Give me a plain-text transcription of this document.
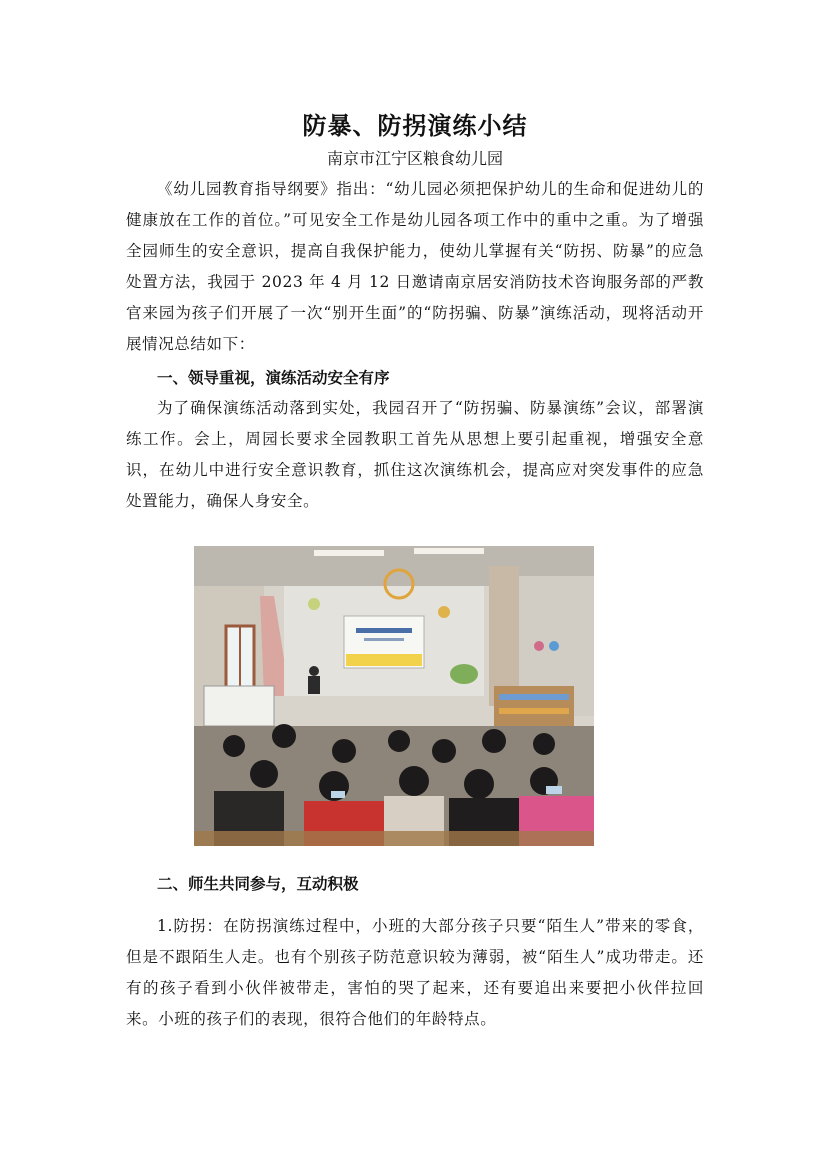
防暴、防拐演练小结
南京市江宁区粮食幼儿园

《幼儿园教育指导纲要》指出：“幼儿园必须把保护幼儿的生命和促进幼儿的健康放在工作的首位。”可见安全工作是幼儿园各项工作中的重中之重。为了增强全园师生的安全意识，提高自我保护能力，使幼儿掌握有关“防拐、防暴”的应急处置方法，我园于 2023 年 4 月 12 日邀请南京居安消防技术咨询服务部的严教官来园为孩子们开展了一次“别开生面”的“防拐骗、防暴”演练活动，现将活动开展情况总结如下：

一、领导重视，演练活动安全有序

为了确保演练活动落到实处，我园召开了“防拐骗、防暴演练”会议，部署演练工作。会上，周园长要求全园教职工首先从思想上要引起重视，增强安全意识，在幼儿中进行安全意识教育，抓住这次演练机会，提高应对突发事件的应急处置能力，确保人身安全。

二、师生共同参与，互动积极

1.防拐：在防拐演练过程中，小班的大部分孩子只要“陌生人”带来的零食，但是不跟陌生人走。也有个别孩子防范意识较为薄弱，被“陌生人”成功带走。还有的孩子看到小伙伴被带走，害怕的哭了起来，还有要追出来要把小伙伴拉回来。小班的孩子们的表现，很符合他们的年龄特点。
